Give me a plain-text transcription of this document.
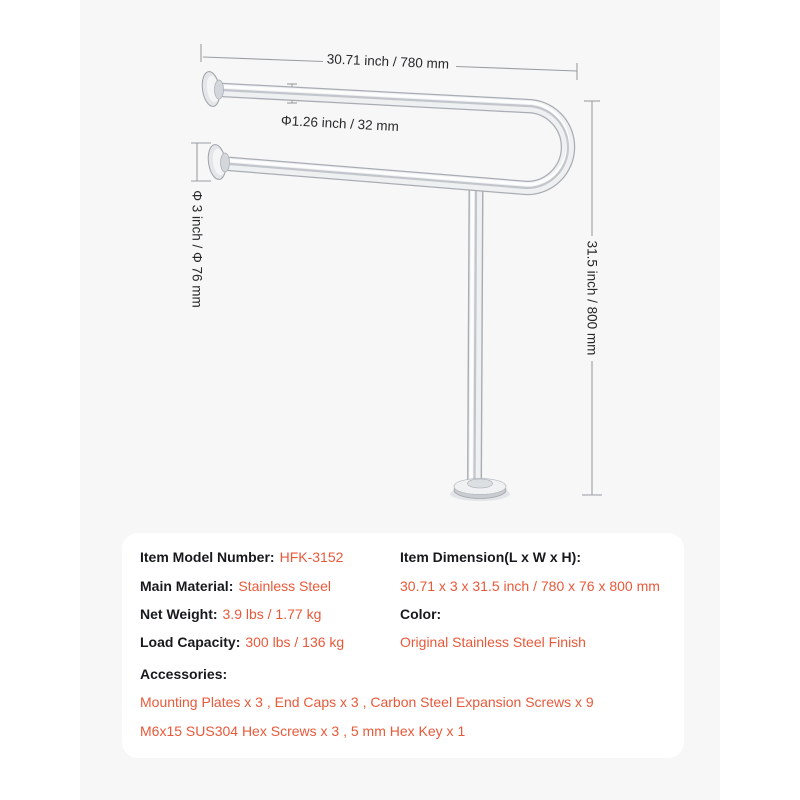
30.71 inch / 780 mm
31.5 inch / 800 mm
Φ 3 inch / Φ 76 mm
Φ1.26 inch / 32 mm
Item Model Number: HFK-3152
Main Material: Stainless Steel
Net Weight: 3.9 lbs / 1.77 kg
Load Capacity: 300 lbs / 136 kg
Item Dimension(L x W x H):
30.71 x 3 x 31.5 inch / 780 x 76 x 800 mm
Color:
Original Stainless Steel Finish
Accessories:
Mounting Plates x 3 , End Caps x 3 , Carbon Steel Expansion Screws x 9
M6x15 SUS304 Hex Screws x 3 , 5 mm Hex Key x 1
